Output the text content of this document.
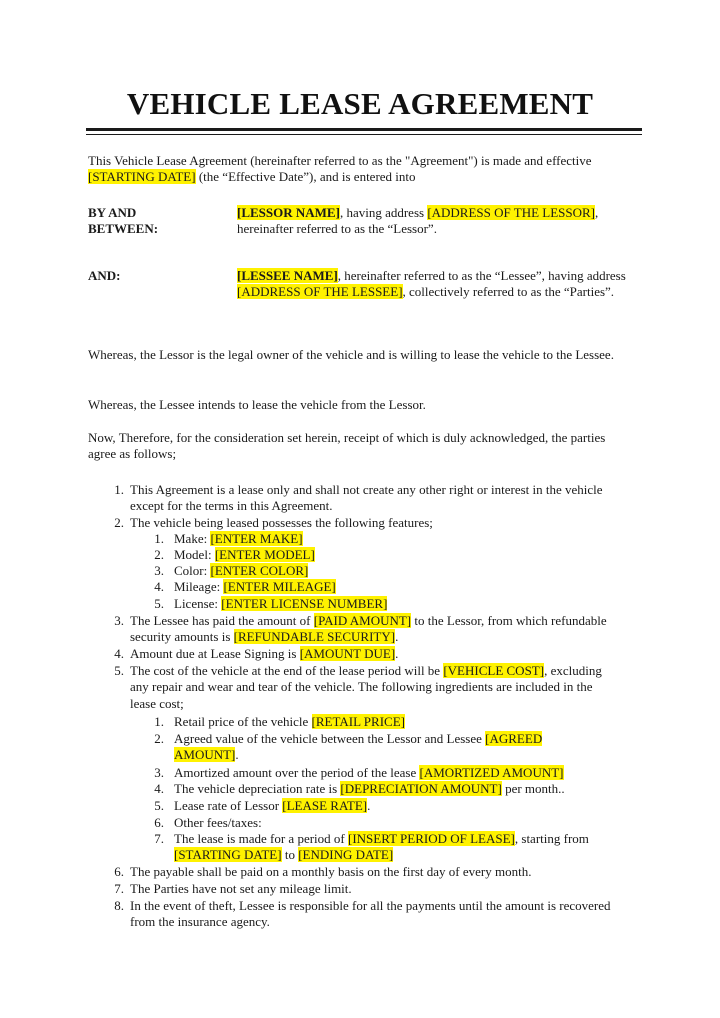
VEHICLE LEASE AGREEMENT
This Vehicle Lease Agreement (hereinafter referred to as the "Agreement") is made and effective [STARTING DATE] (the “Effective Date”), and is entered into
BY AND
BETWEEN:
[LESSOR NAME], having address [ADDRESS OF THE LESSOR], hereinafter referred to as the “Lessor”.
AND:	[LESSEE NAME], hereinafter referred to as the “Lessee”, having address [ADDRESS OF THE LESSEE], collectively referred to as the “Parties”.
Whereas, the Lessor is the legal owner of the vehicle and is willing to lease the vehicle to the Lessee.
Whereas, the Lessee intends to lease the vehicle from the Lessor.
Now, Therefore, for the consideration set herein, receipt of which is duly acknowledged, the parties agree as follows;
1. This Agreement is a lease only and shall not create any other right or interest in the vehicle except for the terms in this Agreement.
2. The vehicle being leased possesses the following features;
1. Make: [ENTER MAKE]
2. Model: [ENTER MODEL]
3. Color: [ENTER COLOR]
4. Mileage: [ENTER MILEAGE]
5. License: [ENTER LICENSE NUMBER]
3. The Lessee has paid the amount of [PAID AMOUNT] to the Lessor, from which refundable security amounts is [REFUNDABLE SECURITY].
4. Amount due at Lease Signing is [AMOUNT DUE].
5. The cost of the vehicle at the end of the lease period will be [VEHICLE COST], excluding any repair and wear and tear of the vehicle. The following ingredients are included in the lease cost;
1. Retail price of the vehicle [RETAIL PRICE]
2. Agreed value of the vehicle between the Lessor and Lessee [AGREED AMOUNT].
3. Amortized amount over the period of the lease [AMORTIZED AMOUNT]
4. The vehicle depreciation rate is [DEPRECIATION AMOUNT] per month..
5. Lease rate of Lessor [LEASE RATE].
6. Other fees/taxes:
7. The lease is made for a period of [INSERT PERIOD OF LEASE], starting from [STARTING DATE] to [ENDING DATE]
6. The payable shall be paid on a monthly basis on the first day of every month.
7. The Parties have not set any mileage limit.
8. In the event of theft, Lessee is responsible for all the payments until the amount is recovered from the insurance agency.
